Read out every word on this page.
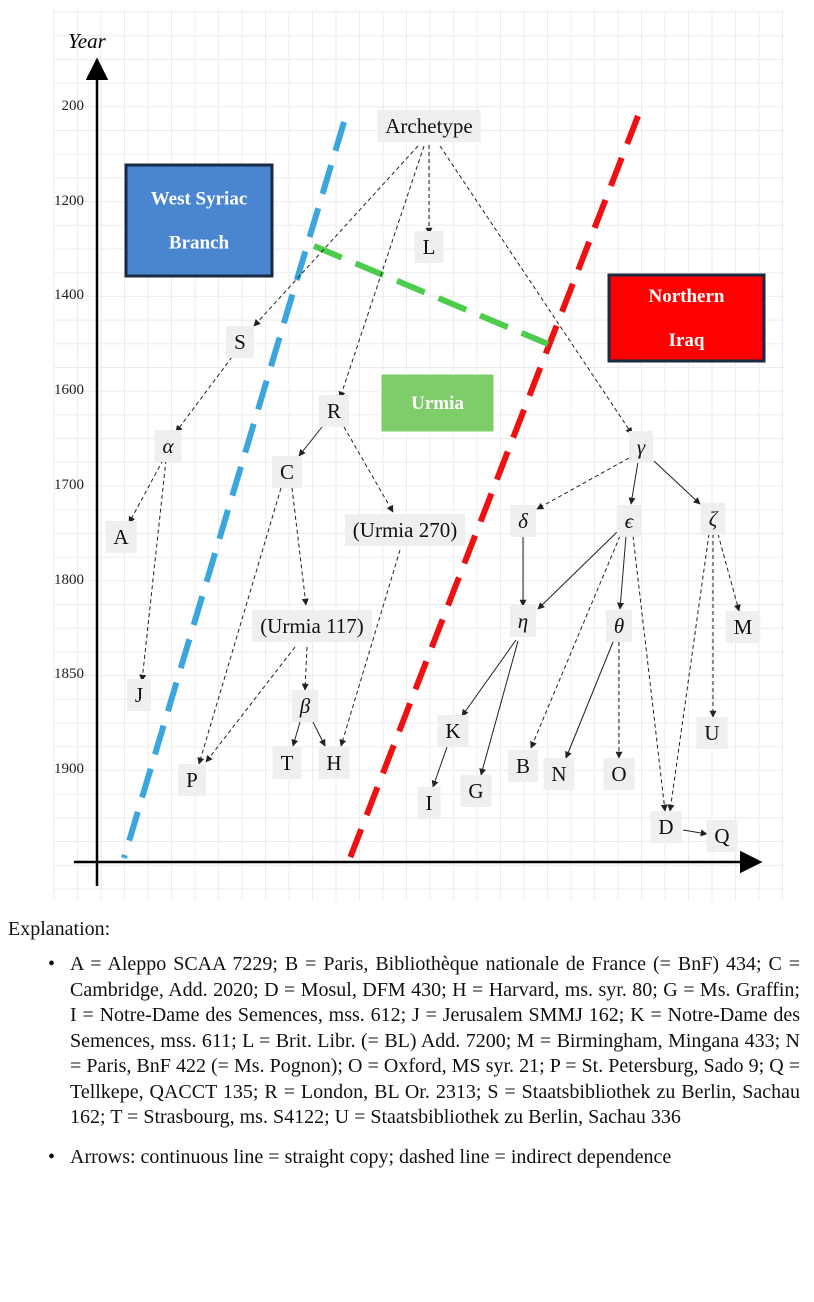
Year
200
1200
1400
1600
1700
1800
1850
1900
West Syriac
Branch
Urmia
Northern
Iraq
Archetype
L
S
R
α
C
(Urmia 270)
γ
δ	ϵ	ζ
A
(Urmia 117)	η	θ	M
J	β
K	U
P
T H	B N O
I G
D Q
Explanation:
• A = Aleppo SCAA 7229; B = Paris, Bibliothèque nationale de France (= BnF) 434; C = Cambridge, Add. 2020; D = Mosul, DFM 430; H = Harvard, ms. syr. 80; G = Ms. Graffin; I = Notre-Dame des Semences, mss. 612; J = Jerusalem SMMJ 162; K = Notre-Dame des Semences, mss. 611; L = Brit. Libr. (= BL) Add. 7200; M = Birmingham, Mingana 433; N = Paris, BnF 422 (= Ms. Pognon); O = Oxford, MS syr. 21; P = St. Petersburg, Sado 9; Q = Tellkepe, QACCT 135; R = London, BL Or. 2313; S = Staatsbibliothek zu Berlin, Sachau 162; T = Strasbourg, ms. S4122; U = Staatsbibliothek zu Berlin, Sachau 336
• Arrows: continuous line = straight copy; dashed line = indirect dependence
